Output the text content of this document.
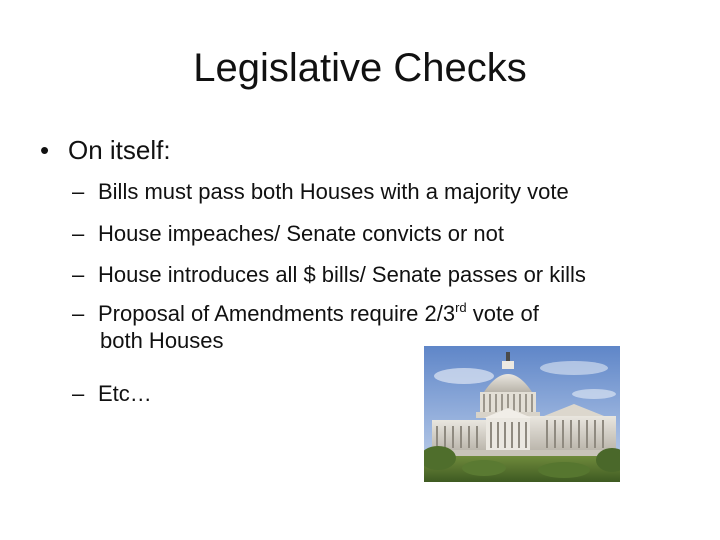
Legislative Checks
• On itself:
– Bills must pass both Houses with a majority vote
– House impeaches/ Senate convicts or not
– House introduces all $ bills/ Senate passes or kills
– Proposal of Amendments require 2/3rd vote of
both Houses
– Etc…
